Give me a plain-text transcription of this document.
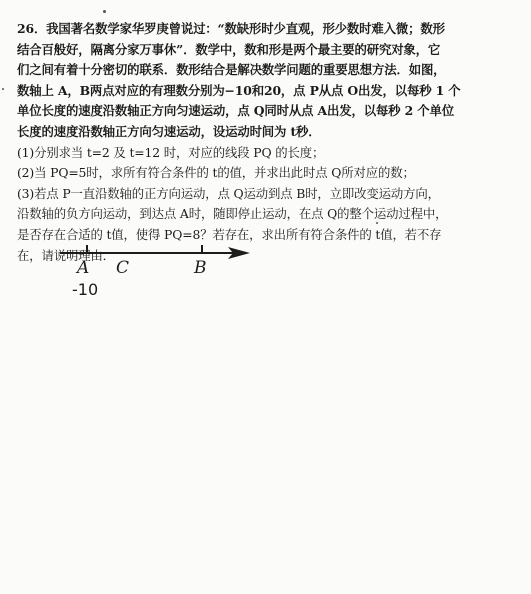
26．我国著名数学家华罗庚曾说过：“数缺形时少直观，形少数时难入微；数形

结合百般好，隔离分家万事休”．数学中，数和形是两个最主要的研究对象，它

们之间有着十分密切的联系．数形结合是解决数学问题的重要思想方法．如图，

数轴上 A，B两点对应的有理数分别为−10和20，点 P从点 O出发，以每秒 1 个

单位长度的速度沿数轴正方向匀速运动，点 Q同时从点 A出发，以每秒 2 个单位

长度的速度沿数轴正方向匀速运动，设运动时间为 t秒．

(1)分别求当 t=2 及 t=12 时，对应的线段 PQ 的长度；

(2)当 PQ=5时，求所有符合条件的 t的值，并求出此时点 Q所对应的数；

(3)若点 P一直沿数轴的正方向运动，点 Q运动到点 B时，立即改变运动方向，

沿数轴的负方向运动，到达点 A时，随即停止运动，在点 Q的整个运动过程中，

是否存在合适的 t值，使得 PQ=8？若存在，求出所有符合条件的 t值，若不存

在，请说明理由．

A C	B
-10
